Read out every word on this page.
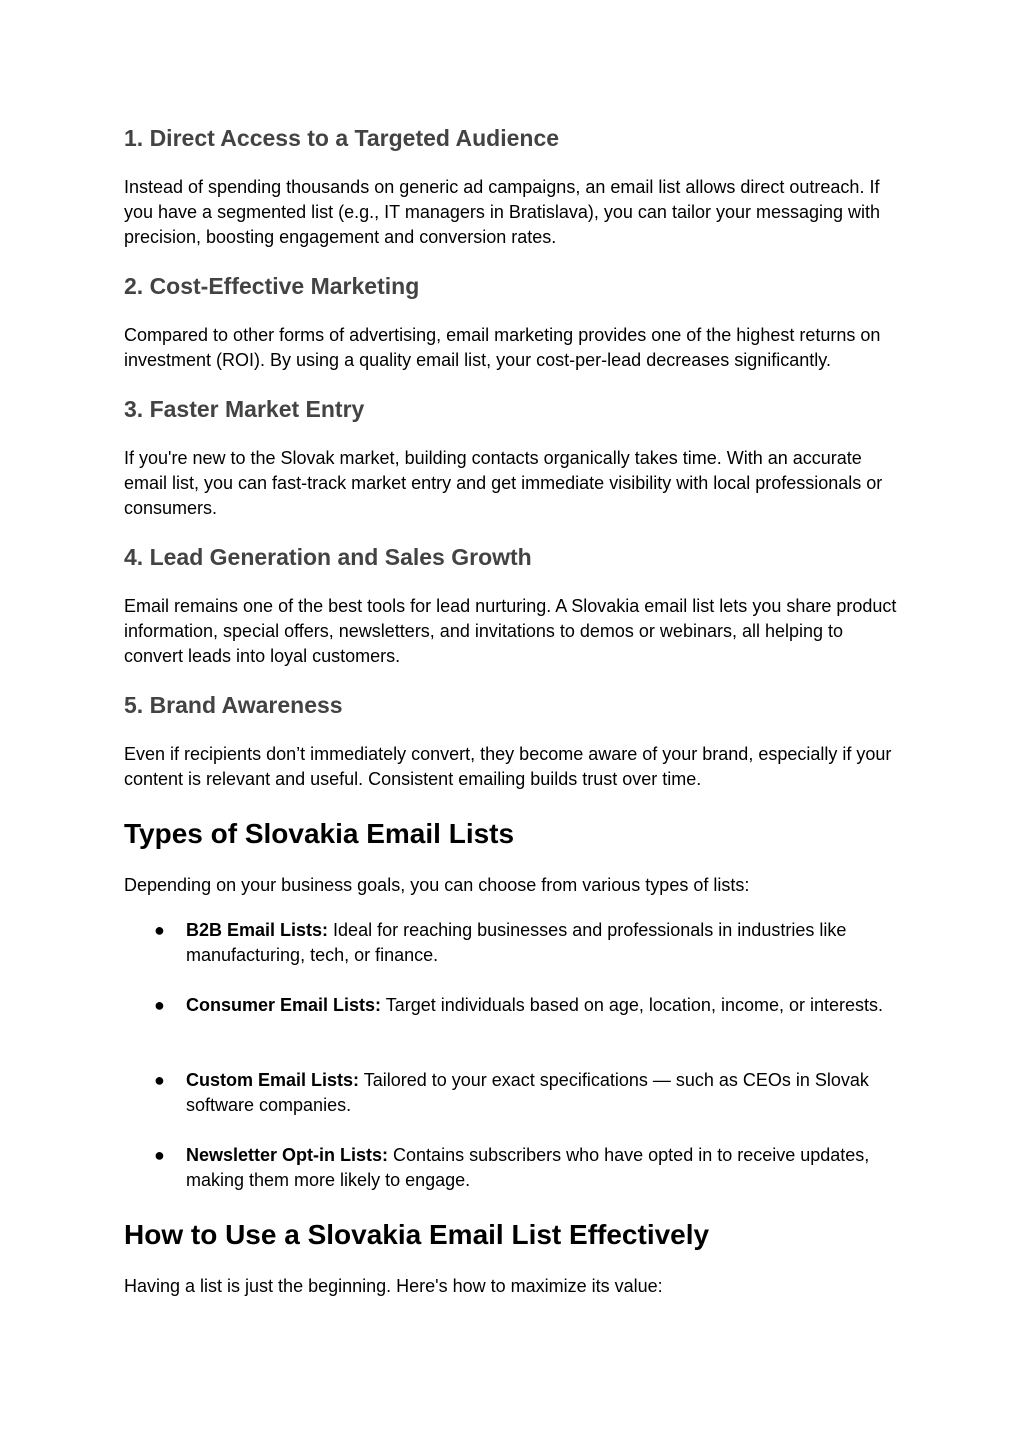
1. Direct Access to a Targeted Audience

Instead of spending thousands on generic ad campaigns, an email list allows direct outreach. If you have a segmented list (e.g., IT managers in Bratislava), you can tailor your messaging with precision, boosting engagement and conversion rates.

2. Cost-Effective Marketing

Compared to other forms of advertising, email marketing provides one of the highest returns on investment (ROI). By using a quality email list, your cost-per-lead decreases significantly.

3. Faster Market Entry

If you're new to the Slovak market, building contacts organically takes time. With an accurate email list, you can fast-track market entry and get immediate visibility with local professionals or consumers.

4. Lead Generation and Sales Growth

Email remains one of the best tools for lead nurturing. A Slovakia email list lets you share product information, special offers, newsletters, and invitations to demos or webinars, all helping to convert leads into loyal customers.

5. Brand Awareness

Even if recipients don’t immediately convert, they become aware of your brand, especially if your content is relevant and useful. Consistent emailing builds trust over time.

Types of Slovakia Email Lists

Depending on your business goals, you can choose from various types of lists:

● B2B Email Lists: Ideal for reaching businesses and professionals in industries like manufacturing, tech, or finance.
● Consumer Email Lists: Target individuals based on age, location, income, or interests.
● Custom Email Lists: Tailored to your exact specifications — such as CEOs in Slovak software companies.
● Newsletter Opt-in Lists: Contains subscribers who have opted in to receive updates, making them more likely to engage.
How to Use a Slovakia Email List Effectively

Having a list is just the beginning. Here's how to maximize its value:
